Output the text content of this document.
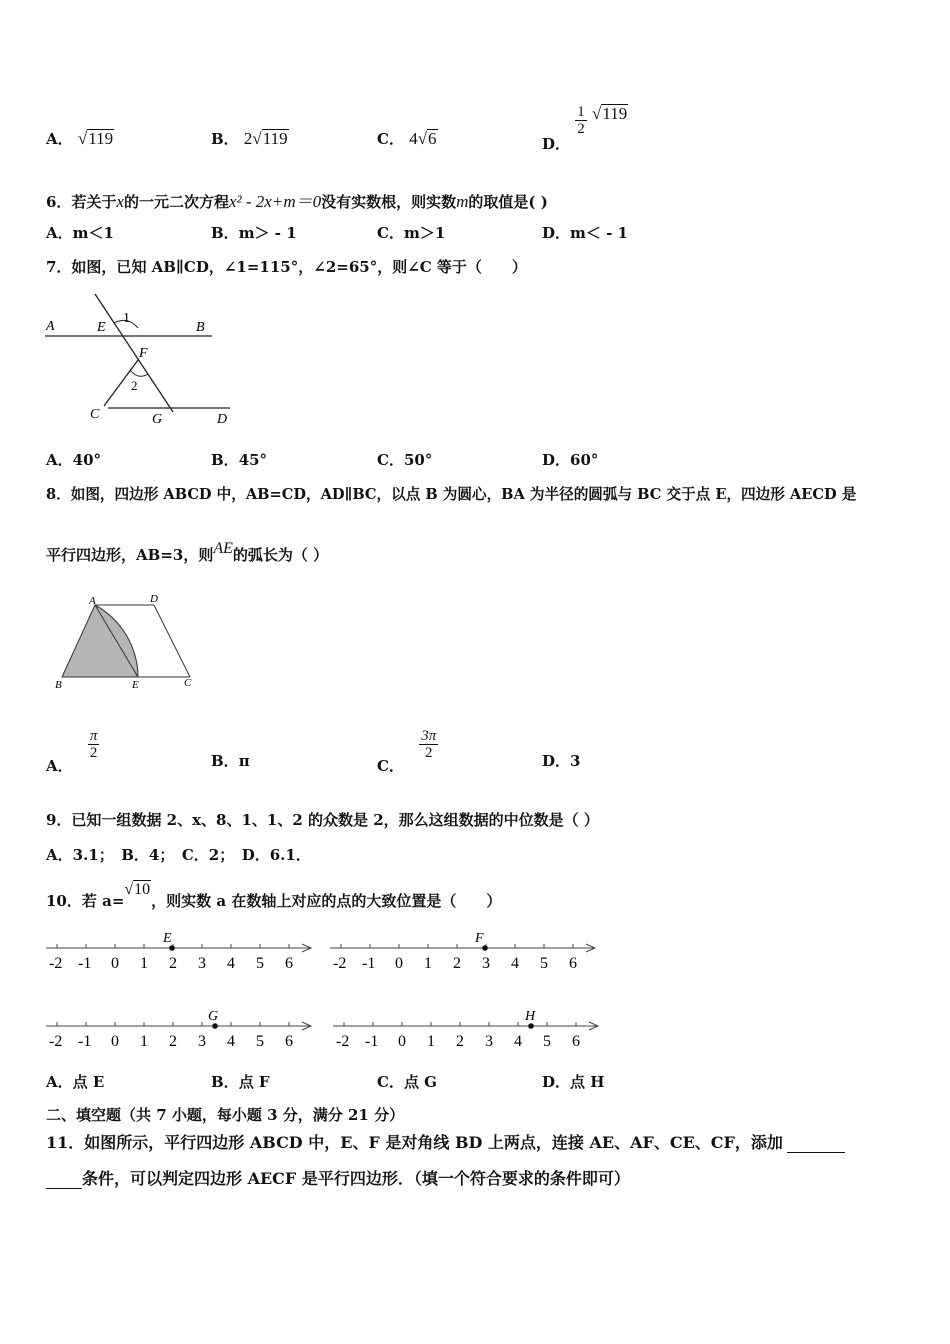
A． √119	B． 2√119	C． 4√6	D．
$\frac{1}{2} √119$
6．若关于x的一元二次方程x² - 2x+m＝0没有实数根，则实数m的取值是( )
A．m＜1	B．m＞ - 1	C．m＞1	D．m＜ - 1
7．如图，已知 AB∥CD，∠1=115°，∠2=65°，则∠C 等于（　　）
A	E
1
B
F
2
C	G	D
A．40°	B．45°	C．50°	D．60°
8．如图，四边形 ABCD 中，AB=CD，AD∥BC，以点 B 为圆心，BA 为半径的圆弧与 BC 交于点 E，四边形 AECD 是
平行四边形，AB=3，则AE的弧长为（ ）
A	D
B	E	C
A．
$\frac{\pi}{2}$	B．π	C．
$\frac{3\pi}{2}$	D．3
9．已知一组数据 2、x、8、1、1、2 的众数是 2，那么这组数据的中位数是（ ）
A．3.1；　B．4；　C．2；　D．6.1．
10．若 a=√10，则实数 a 在数轴上对应的点的大致位置是（　　）
-2 -1 0 1 2 3 4 5 6
E
-2 -1 0 1 2 3 4 5 6
F
-2 -1 0 1 2 3 4 5 6
G
-2 -1 0 1 2 3 4 5 6
H
A．点 E	B．点 F	C．点 G	D．点 H
二、填空题（共 7 小题，每小题 3 分，满分 21 分）
11．如图所示，平行四边形 ABCD 中，E、F 是对角线 BD 上两点，连接 AE、AF、CE、CF，添加
条件，可以判定四边形 AECF 是平行四边形．（填一个符合要求的条件即可）
